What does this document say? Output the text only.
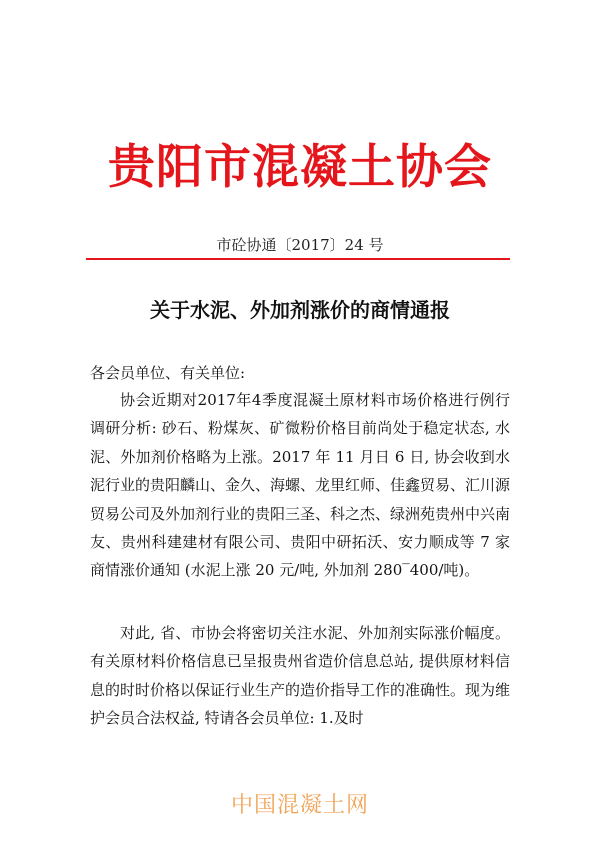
贵阳市混凝土协会
市砼协通〔2017〕24 号
关于水泥、外加剂涨价的商情通报
各会员单位、有关单位:
协会近期对2017年4季度混凝土原材料市场价格进行例行调研分析: 砂石、粉煤灰、矿微粉价格目前尚处于稳定状态, 水泥、外加剂价格略为上涨。2017 年 11 月日 6 日, 协会收到水泥行业的贵阳麟山、金久、海螺、龙里红师、佳鑫贸易、汇川源贸易公司及外加剂行业的贵阳三圣、科之杰、绿洲苑贵州中兴南友、贵州科建建材有限公司、贵阳中研拓沃、安力顺成等 7 家商情涨价通知 (水泥上涨 20 元/吨, 外加剂 280‾400/吨)。
对此, 省、市协会将密切关注水泥、外加剂实际涨价幅度。有关原材料价格信息已呈报贵州省造价信息总站, 提供原材料信息的时时价格以保证行业生产的造价指导工作的准确性。现为维护会员合法权益, 特请各会员单位: 1.及时
中国混凝土网
